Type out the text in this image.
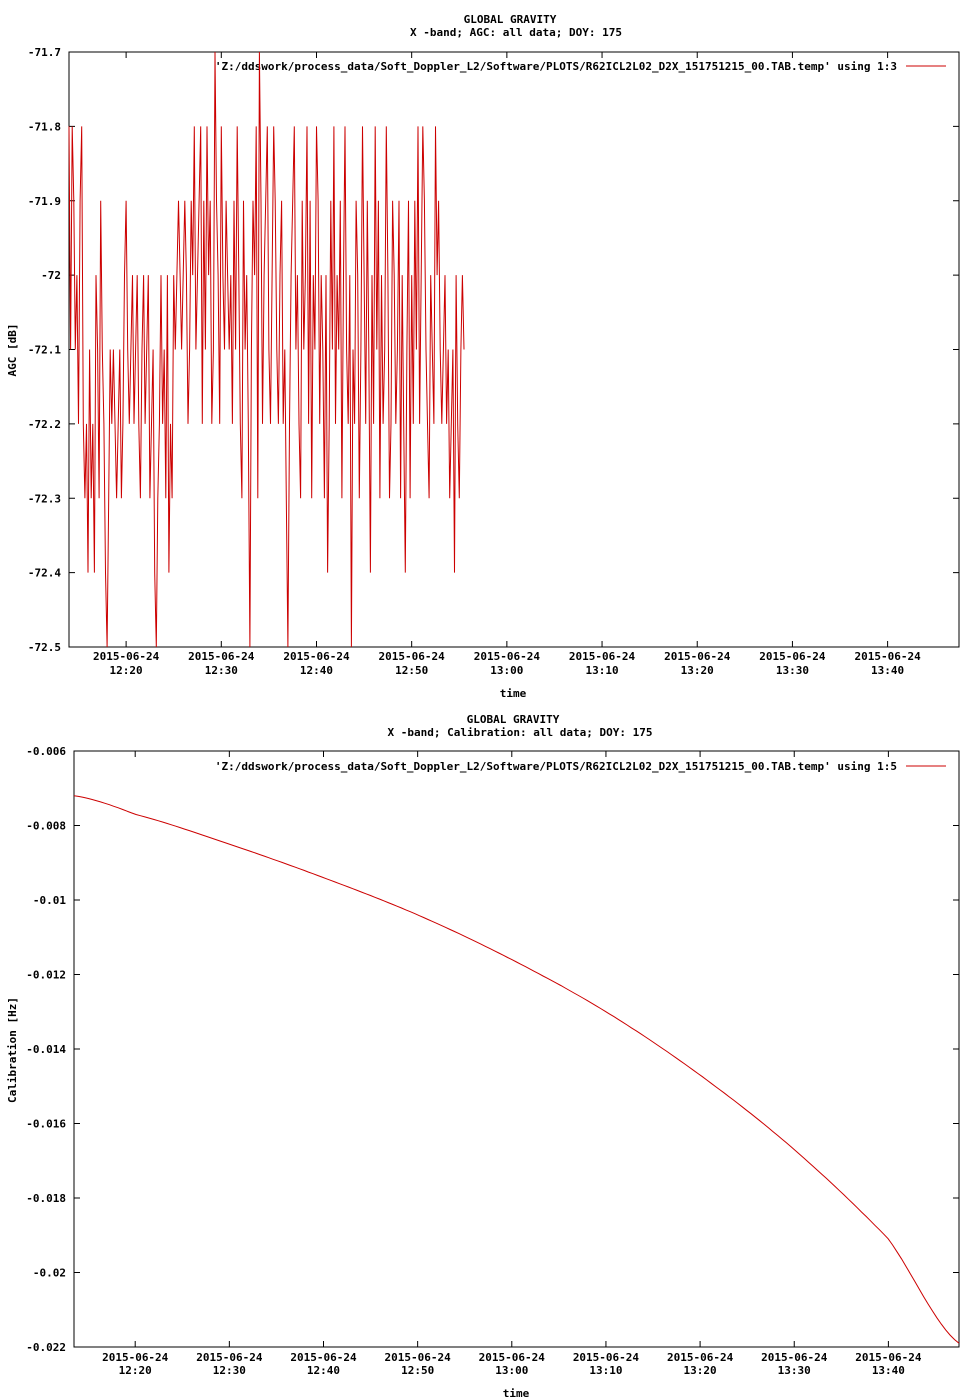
GLOBAL GRAVITY
X -band; AGC: all data; DOY: 175
-71.7
-71.8
-71.9
-72
-72.1
-72.2
-72.3
-72.4
-72.5
2015-06-24
12:20
2015-06-24
12:30
2015-06-24
12:40
2015-06-24
12:50
2015-06-24
13:00
2015-06-24
13:10
2015-06-24
13:20
2015-06-24
13:30
2015-06-24
13:40
AGC [dB]
time
'Z:/ddswork/process_data/Soft_Doppler_L2/Software/PLOTS/R62ICL2L02_D2X_151751215_00.TAB.temp' using 1:3
GLOBAL GRAVITY
X -band; Calibration: all data; DOY: 175
-0.006
-0.008
-0.01
-0.012
-0.014
-0.016
-0.018
-0.02
-0.022
2015-06-24
12:20
2015-06-24
12:30
2015-06-24
12:40
2015-06-24
12:50
2015-06-24
13:00
2015-06-24
13:10
2015-06-24
13:20
2015-06-24
13:30
2015-06-24
13:40
Calibration [Hz]
time
'Z:/ddswork/process_data/Soft_Doppler_L2/Software/PLOTS/R62ICL2L02_D2X_151751215_00.TAB.temp' using 1:5
